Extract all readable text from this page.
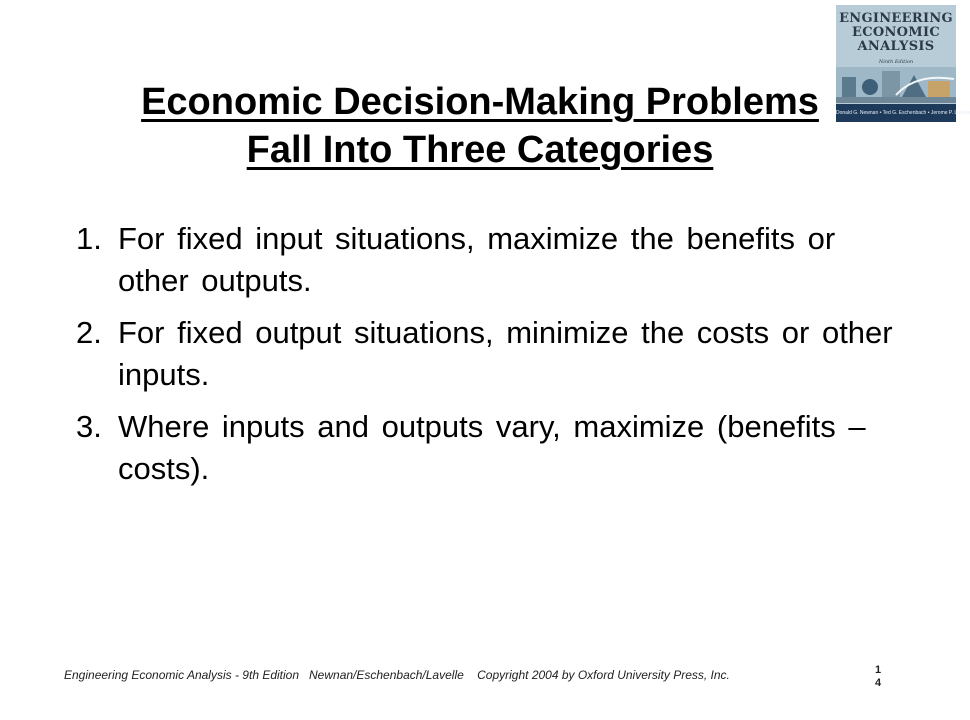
ENGINEERING
ECONOMIC
ANALYSIS
Ninth Edition
Donald G. Newnan • Ted G. Eschenbach • Jerome P. Lavelle
Economic Decision-Making Problems
Fall Into Three Categories
1. For fixed input situations, maximize the benefits or other outputs.
2. For fixed output situations, minimize the costs or other inputs.
3. Where inputs and outputs vary, maximize (benefits – costs).
Engineering Economic Analysis - 9th Edition   Newnan/Eschenbach/Lavelle    Copyright 2004 by Oxford University Press, Inc.	1
4
